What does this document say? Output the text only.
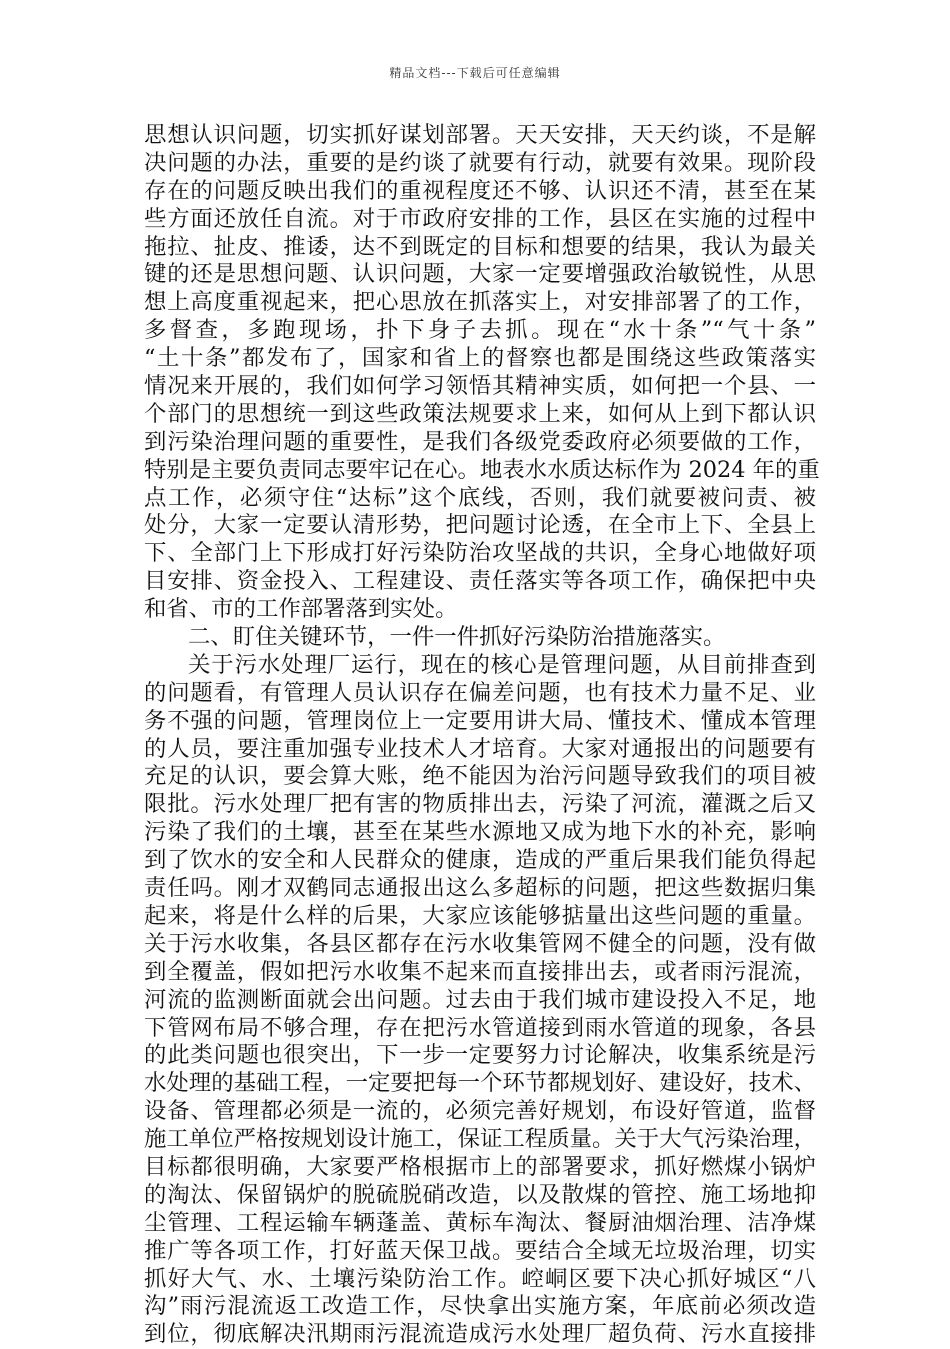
精品文档---下载后可任意编辑
思想认识问题，切实抓好谋划部署。天天安排，天天约谈，不是解
决问题的办法，重要的是约谈了就要有行动，就要有效果。现阶段
存在的问题反映出我们的重视程度还不够、认识还不清，甚至在某
些方面还放任自流。对于市政府安排的工作，县区在实施的过程中
拖拉、扯皮、推诿，达不到既定的目标和想要的结果，我认为最关
键的还是思想问题、认识问题，大家一定要增强政治敏锐性，从思
想上高度重视起来，把心思放在抓落实上，对安排部署了的工作，
多督查，多跑现场，扑下身子去抓。现在“水十条”“气十条”
“土十条”都发布了，国家和省上的督察也都是围绕这些政策落实
情况来开展的，我们如何学习领悟其精神实质，如何把一个县、一
个部门的思想统一到这些政策法规要求上来，如何从上到下都认识
到污染治理问题的重要性，是我们各级党委政府必须要做的工作，
特别是主要负责同志要牢记在心。地表水水质达标作为 2024 年的重
点工作，必须守住“达标”这个底线，否则，我们就要被问责、被
处分，大家一定要认清形势，把问题讨论透，在全市上下、全县上
下、全部门上下形成打好污染防治攻坚战的共识，全身心地做好项
目安排、资金投入、工程建设、责任落实等各项工作，确保把中央
和省、市的工作部署落到实处。
二、盯住关键环节，一件一件抓好污染防治措施落实。
关于污水处理厂运行，现在的核心是管理问题，从目前排查到
的问题看，有管理人员认识存在偏差问题，也有技术力量不足、业
务不强的问题，管理岗位上一定要用讲大局、懂技术、懂成本管理
的人员，要注重加强专业技术人才培育。大家对通报出的问题要有
充足的认识，要会算大账，绝不能因为治污问题导致我们的项目被
限批。污水处理厂把有害的物质排出去，污染了河流，灌溉之后又
污染了我们的土壤，甚至在某些水源地又成为地下水的补充，影响
到了饮水的安全和人民群众的健康，造成的严重后果我们能负得起
责任吗。刚才双鹤同志通报出这么多超标的问题，把这些数据归集
起来，将是什么样的后果，大家应该能够掂量出这些问题的重量。
关于污水收集，各县区都存在污水收集管网不健全的问题，没有做
到全覆盖，假如把污水收集不起来而直接排出去，或者雨污混流，
河流的监测断面就会出问题。过去由于我们城市建设投入不足，地
下管网布局不够合理，存在把污水管道接到雨水管道的现象，各县
的此类问题也很突出，下一步一定要努力讨论解决，收集系统是污
水处理的基础工程，一定要把每一个环节都规划好、建设好，技术、
设备、管理都必须是一流的，必须完善好规划，布设好管道，监督
施工单位严格按规划设计施工，保证工程质量。关于大气污染治理，
目标都很明确，大家要严格根据市上的部署要求，抓好燃煤小锅炉
的淘汰、保留锅炉的脱硫脱硝改造，以及散煤的管控、施工场地抑
尘管理、工程运输车辆蓬盖、黄标车淘汰、餐厨油烟治理、洁净煤
推广等各项工作，打好蓝天保卫战。要结合全域无垃圾治理，切实
抓好大气、水、土壤污染防治工作。崆峒区要下决心抓好城区“八
沟”雨污混流返工改造工作，尽快拿出实施方案，年底前必须改造
到位，彻底解决汛期雨污混流造成污水处理厂超负荷、污水直接排
